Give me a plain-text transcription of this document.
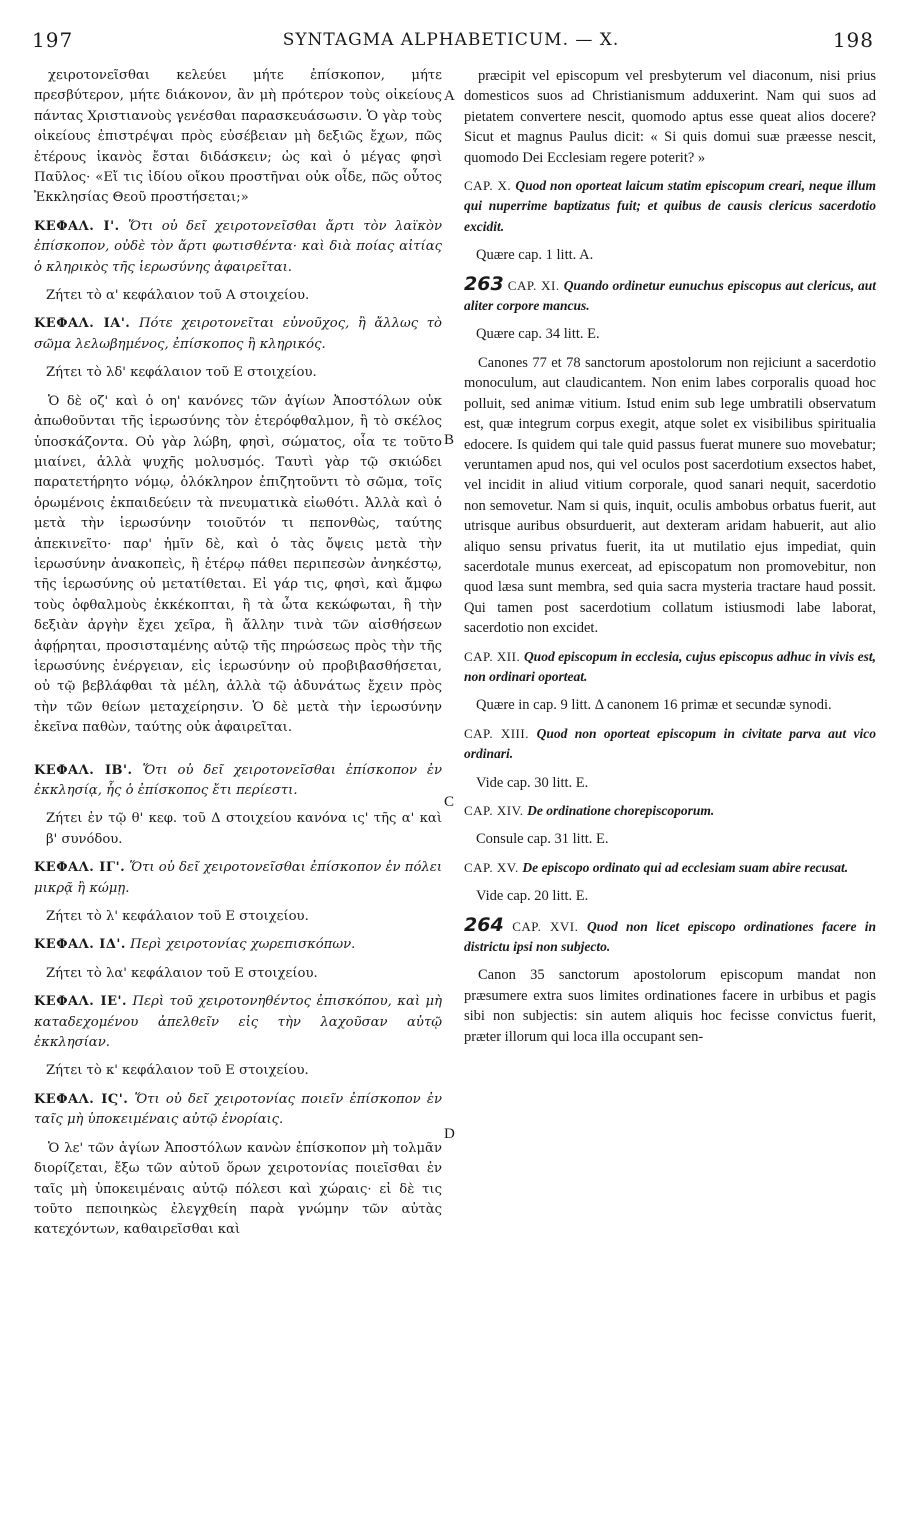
197	SYNTAGMA ALPHABETICUM. — X.	198
χειροτονεῖσθαι κελεύει μήτε ἐπίσκοπον, μήτε πρεσβύτερον, μήτε διάκονον, ἂν μὴ πρότερον τοὺς οἰκείους πάντας Χριστιανοὺς γενέσθαι παρασκευάσωσιν. Ὁ γὰρ τοὺς οἰκείους ἐπιστρέψαι πρὸς εὐσέβειαν μὴ δεξιῶς ἔχων, πῶς ἑτέρους ἱκανὸς ἔσται διδάσκειν; ὡς καὶ ὁ μέγας φησὶ Παῦλος· «Εἴ τις ἰδίου οἴκου προστῆναι οὐκ οἶδε, πῶς οὗτος Ἐκκλησίας Θεοῦ προστήσεται;»
ΚΕΦΑΛ. Ι'. Ὅτι οὐ δεῖ χειροτονεῖσθαι ἄρτι τὸν λαϊκὸν ἐπίσκοπον, οὐδὲ τὸν ἄρτι φωτισθέντα· καὶ διὰ ποίας αἰτίας ὁ κληρικὸς τῆς ἱερωσύνης ἀφαιρεῖται.
Ζήτει τὸ α' κεφάλαιον τοῦ Α στοιχείου.
ΚΕΦΑΛ. ΙΑ'. Πότε χειροτονεῖται εὐνοῦχος, ἢ ἄλλως τὸ σῶμα λελωβημένος, ἐπίσκοπος ἢ κληρικός.
Ζήτει τὸ λδ' κεφάλαιον τοῦ Ε στοιχείου.
Ὁ δὲ οζ' καὶ ὁ οη' κανόνες τῶν ἁγίων Ἀποστόλων οὐκ ἀπωθοῦνται τῆς ἱερωσύνης τὸν ἑτερόφθαλμον, ἢ τὸ σκέλος ὑποσκάζοντα. Οὐ γὰρ λώβη, φησὶ, σώματος, οἷα τε τοῦτο μιαίνει, ἀλλὰ ψυχῆς μολυσμός. Ταυτὶ γὰρ τῷ σκιώδει παρατετήρητο νόμῳ, ὁλόκληρον ἐπιζητοῦντι τὸ σῶμα, τοῖς ὁρωμένοις ἐκπαιδεύειν τὰ πνευματικὰ εἰωθότι. Ἀλλὰ καὶ ὁ μετὰ τὴν ἱερωσύνην τοιοῦτόν τι πεπονθὼς, ταύτης ἀπεκινεῖτο· παρ' ἡμῖν δὲ, καὶ ὁ τὰς ὄψεις μετὰ τὴν ἱερωσύνην ἀνακοπεὶς, ἢ ἑτέρῳ πάθει περιπεσὼν ἀνηκέστῳ, τῆς ἱερωσύνης οὐ μετατίθεται. Εἰ γάρ τις, φησὶ, καὶ ἄμφω τοὺς ὀφθαλμοὺς ἐκκέκοπται, ἢ τὰ ὦτα κεκώφωται, ἢ τὴν δεξιὰν ἀργὴν ἔχει χεῖρα, ἢ ἄλλην τινὰ τῶν αἰσθήσεων ἀφῄρηται, προσισταμένης αὐτῷ τῆς πηρώσεως πρὸς τὴν τῆς ἱερωσύνης ἐνέργειαν, εἰς ἱερωσύνην οὐ προβιβασθήσεται, οὐ τῷ βεβλάφθαι τὰ μέλη, ἀλλὰ τῷ ἀδυνάτως ἔχειν πρὸς τὴν τῶν θείων μεταχείρησιν. Ὁ δὲ μετὰ τὴν ἱερωσύνην ἐκεῖνα παθὼν, ταύτης οὐκ ἀφαιρεῖται.
ΚΕΦΑΛ. ΙΒ'. Ὅτι οὐ δεῖ χειροτονεῖσθαι ἐπίσκοπον ἐν ἐκκλησίᾳ, ἧς ὁ ἐπίσκοπος ἔτι περίεστι.
Ζήτει ἐν τῷ θ' κεφ. τοῦ Δ στοιχείου κανόνα ις' τῆς α' καὶ β' συνόδου.
ΚΕΦΑΛ. ΙΓ'. Ὅτι οὐ δεῖ χειροτονεῖσθαι ἐπίσκοπον ἐν πόλει μικρᾷ ἢ κώμῃ.
Ζήτει τὸ λ' κεφάλαιον τοῦ Ε στοιχείου.
ΚΕΦΑΛ. ΙΔ'. Περὶ χειροτονίας χωρεπισκόπων.
Ζήτει τὸ λα' κεφάλαιον τοῦ Ε στοιχείου.
ΚΕΦΑΛ. ΙΕ'. Περὶ τοῦ χειροτονηθέντος ἐπισκόπου, καὶ μὴ καταδεχομένου ἀπελθεῖν εἰς τὴν λαχοῦσαν αὐτῷ ἐκκλησίαν.
Ζήτει τὸ κ' κεφάλαιον τοῦ Ε στοιχείου.
ΚΕΦΑΛ. ΙϚ'. Ὅτι οὐ δεῖ χειροτονίας ποιεῖν ἐπίσκοπον ἐν ταῖς μὴ ὑποκειμέναις αὐτῷ ἐνορίαις.
Ὁ λε' τῶν ἁγίων Ἀποστόλων κανὼν ἐπίσκοπον μὴ τολμᾶν διορίζεται, ἔξω τῶν αὐτοῦ ὅρων χειροτονίας ποιεῖσθαι ἐν ταῖς μὴ ὑποκειμέναις αὐτῷ πόλεσι καὶ χώραις· εἰ δὲ τις τοῦτο πεποιηκὼς ἐλεγχθείη παρὰ γνώμην τῶν αὐτὰς κατεχόντων, καθαιρεῖσθαι καὶ
præcipit vel episcopum vel presbyterum vel diaconum, nisi prius domesticos suos ad Christianismum adduxerint. Nam qui suos ad pietatem convertere nescit, quomodo aptus esse queat alios docere? Sicut et magnus Paulus dicit: « Si quis domui suæ præesse nescit, quomodo Dei Ecclesiam regere poterit? »
CAP. X. Quod non oporteat laicum statim episcopum creari, neque illum qui nuperrime baptizatus fuit; et quibus de causis clericus sacerdotio excidit.
Quære cap. 1 litt. A.
263 CAP. XI. Quando ordinetur eunuchus episcopus aut clericus, aut aliter corpore mancus.
Quære cap. 34 litt. E.
Canones 77 et 78 sanctorum apostolorum non rejiciunt a sacerdotio monoculum, aut claudicantem. Non enim labes corporalis quoad hoc polluit, sed animæ vitium. Istud enim sub lege umbratili observatum est, quæ integrum corpus exegit, atque solet ex visibilibus spiritualia edocere. Is quidem qui tale quid passus fuerat munere suo movebatur; veruntamen apud nos, qui vel oculos post sacerdotium exsectos habet, vel incidit in aliud vitium corporale, quod sanari nequit, sacerdotio non semovetur. Nam si quis, inquit, oculis ambobus orbatus fuerit, aut utrisque auribus obsurduerit, aut dexteram aridam habuerit, aut alio aliquo sensu privatus fuerit, ita ut mutilatio ejus impediat, quin sacerdotale munus exerceat, ad episcopatum non promovebitur, non quod læsa sunt membra, sed quia sacra mysteria tractare haud possit. Qui tamen post sacerdotium collatum istiusmodi labe laborat, sacerdotio non excidet.
CAP. XII. Quod episcopum in ecclesia, cujus episcopus adhuc in vivis est, non ordinari oporteat.
Quære in cap. 9 litt. Δ canonem 16 primæ et secundæ synodi.
CAP. XIII. Quod non oporteat episcopum in civitate parva aut vico ordinari.
Vide cap. 30 litt. E.
CAP. XIV. De ordinatione chorepiscoporum.
Consule cap. 31 litt. E.
CAP. XV. De episcopo ordinato qui ad ecclesiam suam abire recusat.
Vide cap. 20 litt. E.
264 CAP. XVI. Quod non licet episcopo ordinationes facere in districtu ipsi non subjecto.
Canon 35 sanctorum apostolorum episcopum mandat non præsumere extra suos limites ordinationes facere in urbibus et pagis sibi non subjectis: sin autem aliquis hoc fecisse convictus fuerit, præter illorum qui loca illa occupant sen-
A
B
C
D
